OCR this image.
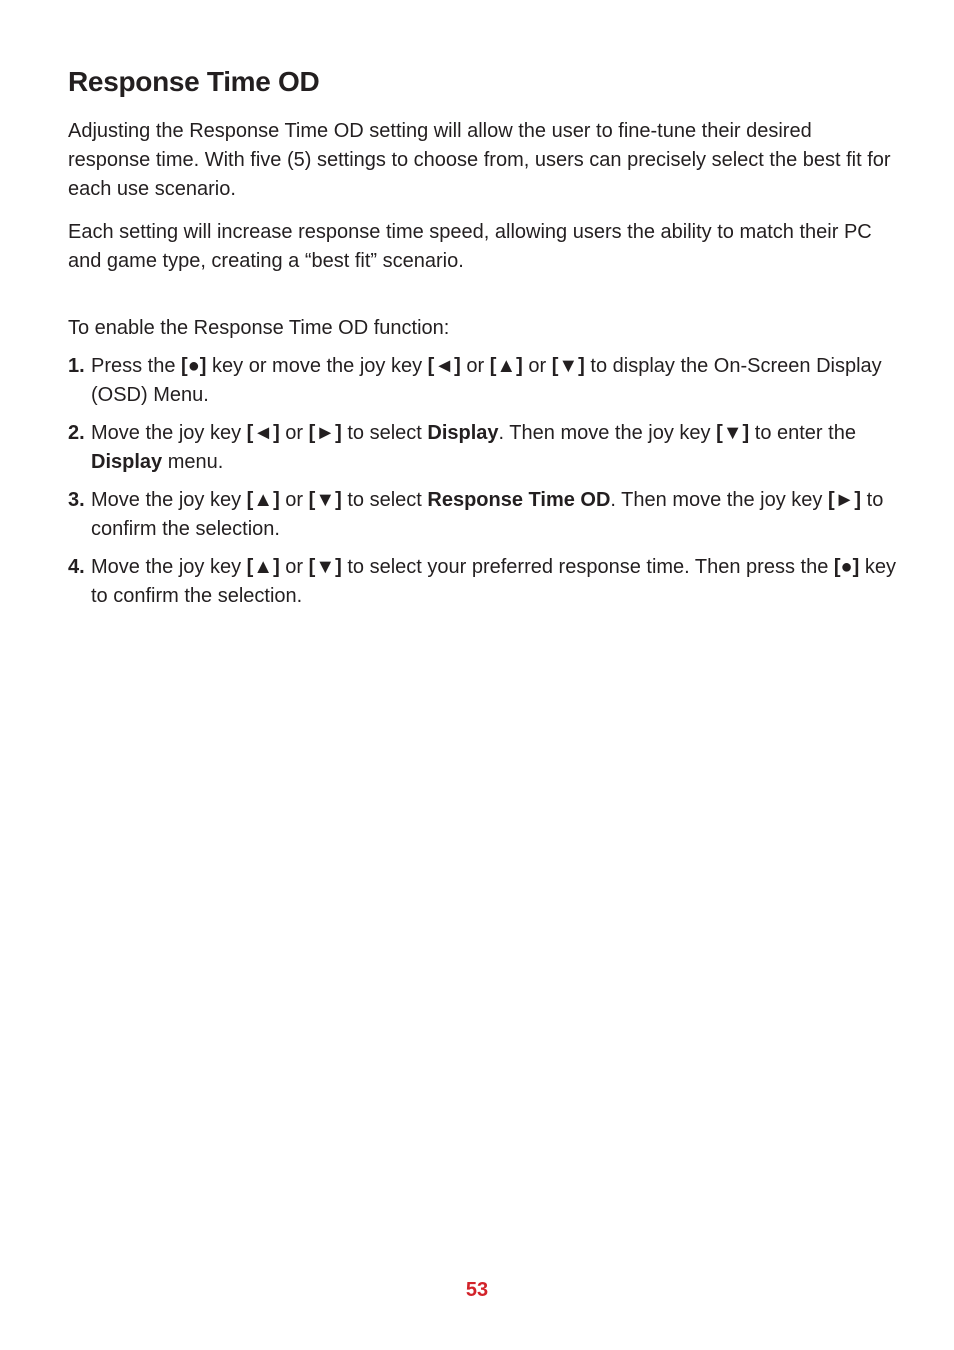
Response Time OD

Adjusting the Response Time OD setting will allow the user to fine-tune their desired response time. With five (5) settings to choose from, users can precisely select the best fit for each use scenario.

Each setting will increase response time speed, allowing users the ability to match their PC and game type, creating a “best fit” scenario.

To enable the Response Time OD function:

1. Press the [●] key or move the joy key [◄] or [▲] or [▼] to display the On-Screen Display (OSD) Menu.
2. Move the joy key [◄] or [►] to select Display. Then move the joy key [▼] to enter the Display menu.
3. Move the joy key [▲] or [▼] to select Response Time OD. Then move the joy key [►] to confirm the selection.
4. Move the joy key [▲] or [▼] to select your preferred response time. Then press the [●] key to confirm the selection.
53
